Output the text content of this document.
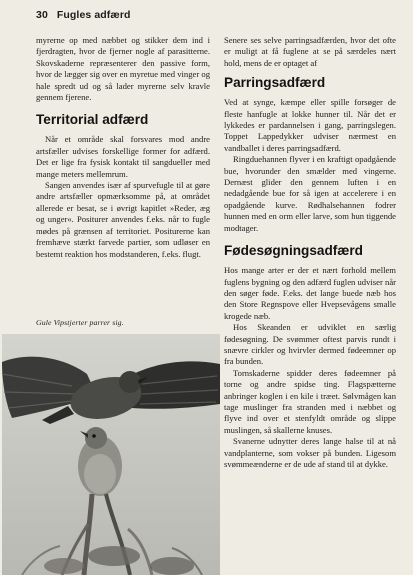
30 Fugles adfærd

myrerne op med næbbet og stikker dem ind i fjerdragten, hvor de fjerner nogle af parasitterne. Skovskaderne repræsenterer den passive form, hvor de lægger sig over en myretue med vinger og hale spredt ud og så lader myrerne selv kravle gennem fjerene.

Territorial adfærd

Når et område skal forsvares mod andre artsfæller udvises forskellige former for adfærd. Det er lige fra fysisk kontakt til sangdueller med mange meters mellemrum.

Sangen anvendes især af spurvefugle til at gøre andre artsfæller opmærksomme på, at området allerede er besat, se i øvrigt kapitlet »Reder, æg og unger«. Positurer anvendes f.eks. når to fugle mødes på grænsen af territoriet. Positurerne kan fremhæve stærkt farvede partier, som udløser en bestemt reaktion hos modstanderen, f.eks. flugt.

Gule Vipstjerter parrer sig.

Senere ses selve parringsadfærden, hvor det ofte er muligt at få fuglene at se på særdeles nært hold, mens de er optaget af

Parringsadfærd

Ved at synge, kæmpe eller spille forsøger de fleste hanfugle at lokke hunner til. Når det er lykkedes er pardannelsen i gang, parringslegen. Toppet Lappedykker udviser nærmest en vandballet i deres parringsadfærd.

Ringduehannen flyver i en kraftigt opadgående bue, hvorunder den smælder med vingerne. Dernæst glider den gennem luften i en nedadgående bue for så igen at accelerere i en opadgående kurve. Rødhalsehannen fodrer hunnen med en orm eller larve, som hun tiggende modtager.

Fødesøgningsadfærd

Hos mange arter er der et nært forhold mellem fuglens bygning og den adfærd fuglen udviser når den søger føde. F.eks. det lange buede næb hos den Store Regnspove eller Hvepsevågens smalle krogede næb.

Hos Skeanden er udviklet en særlig fødesøgning. De svømmer oftest parvis rundt i snævre cirkler og hvirvler dermed fødeemner op fra bunden.

Tornskaderne spidder deres fødeemner på torne og andre spidse ting. Flagspætterne anbringer koglen i en kile i træet. Sølvmågen kan tage muslinger fra stranden med i næbbet og flyve ind over et stenfyldt område og slippe muslingen, så skallerne knuses.

Svanerne udnytter deres lange halse til at nå vandplanterne, som vokser på bunden. Ligesom svømmeænderne er de ude af stand til at dykke.
